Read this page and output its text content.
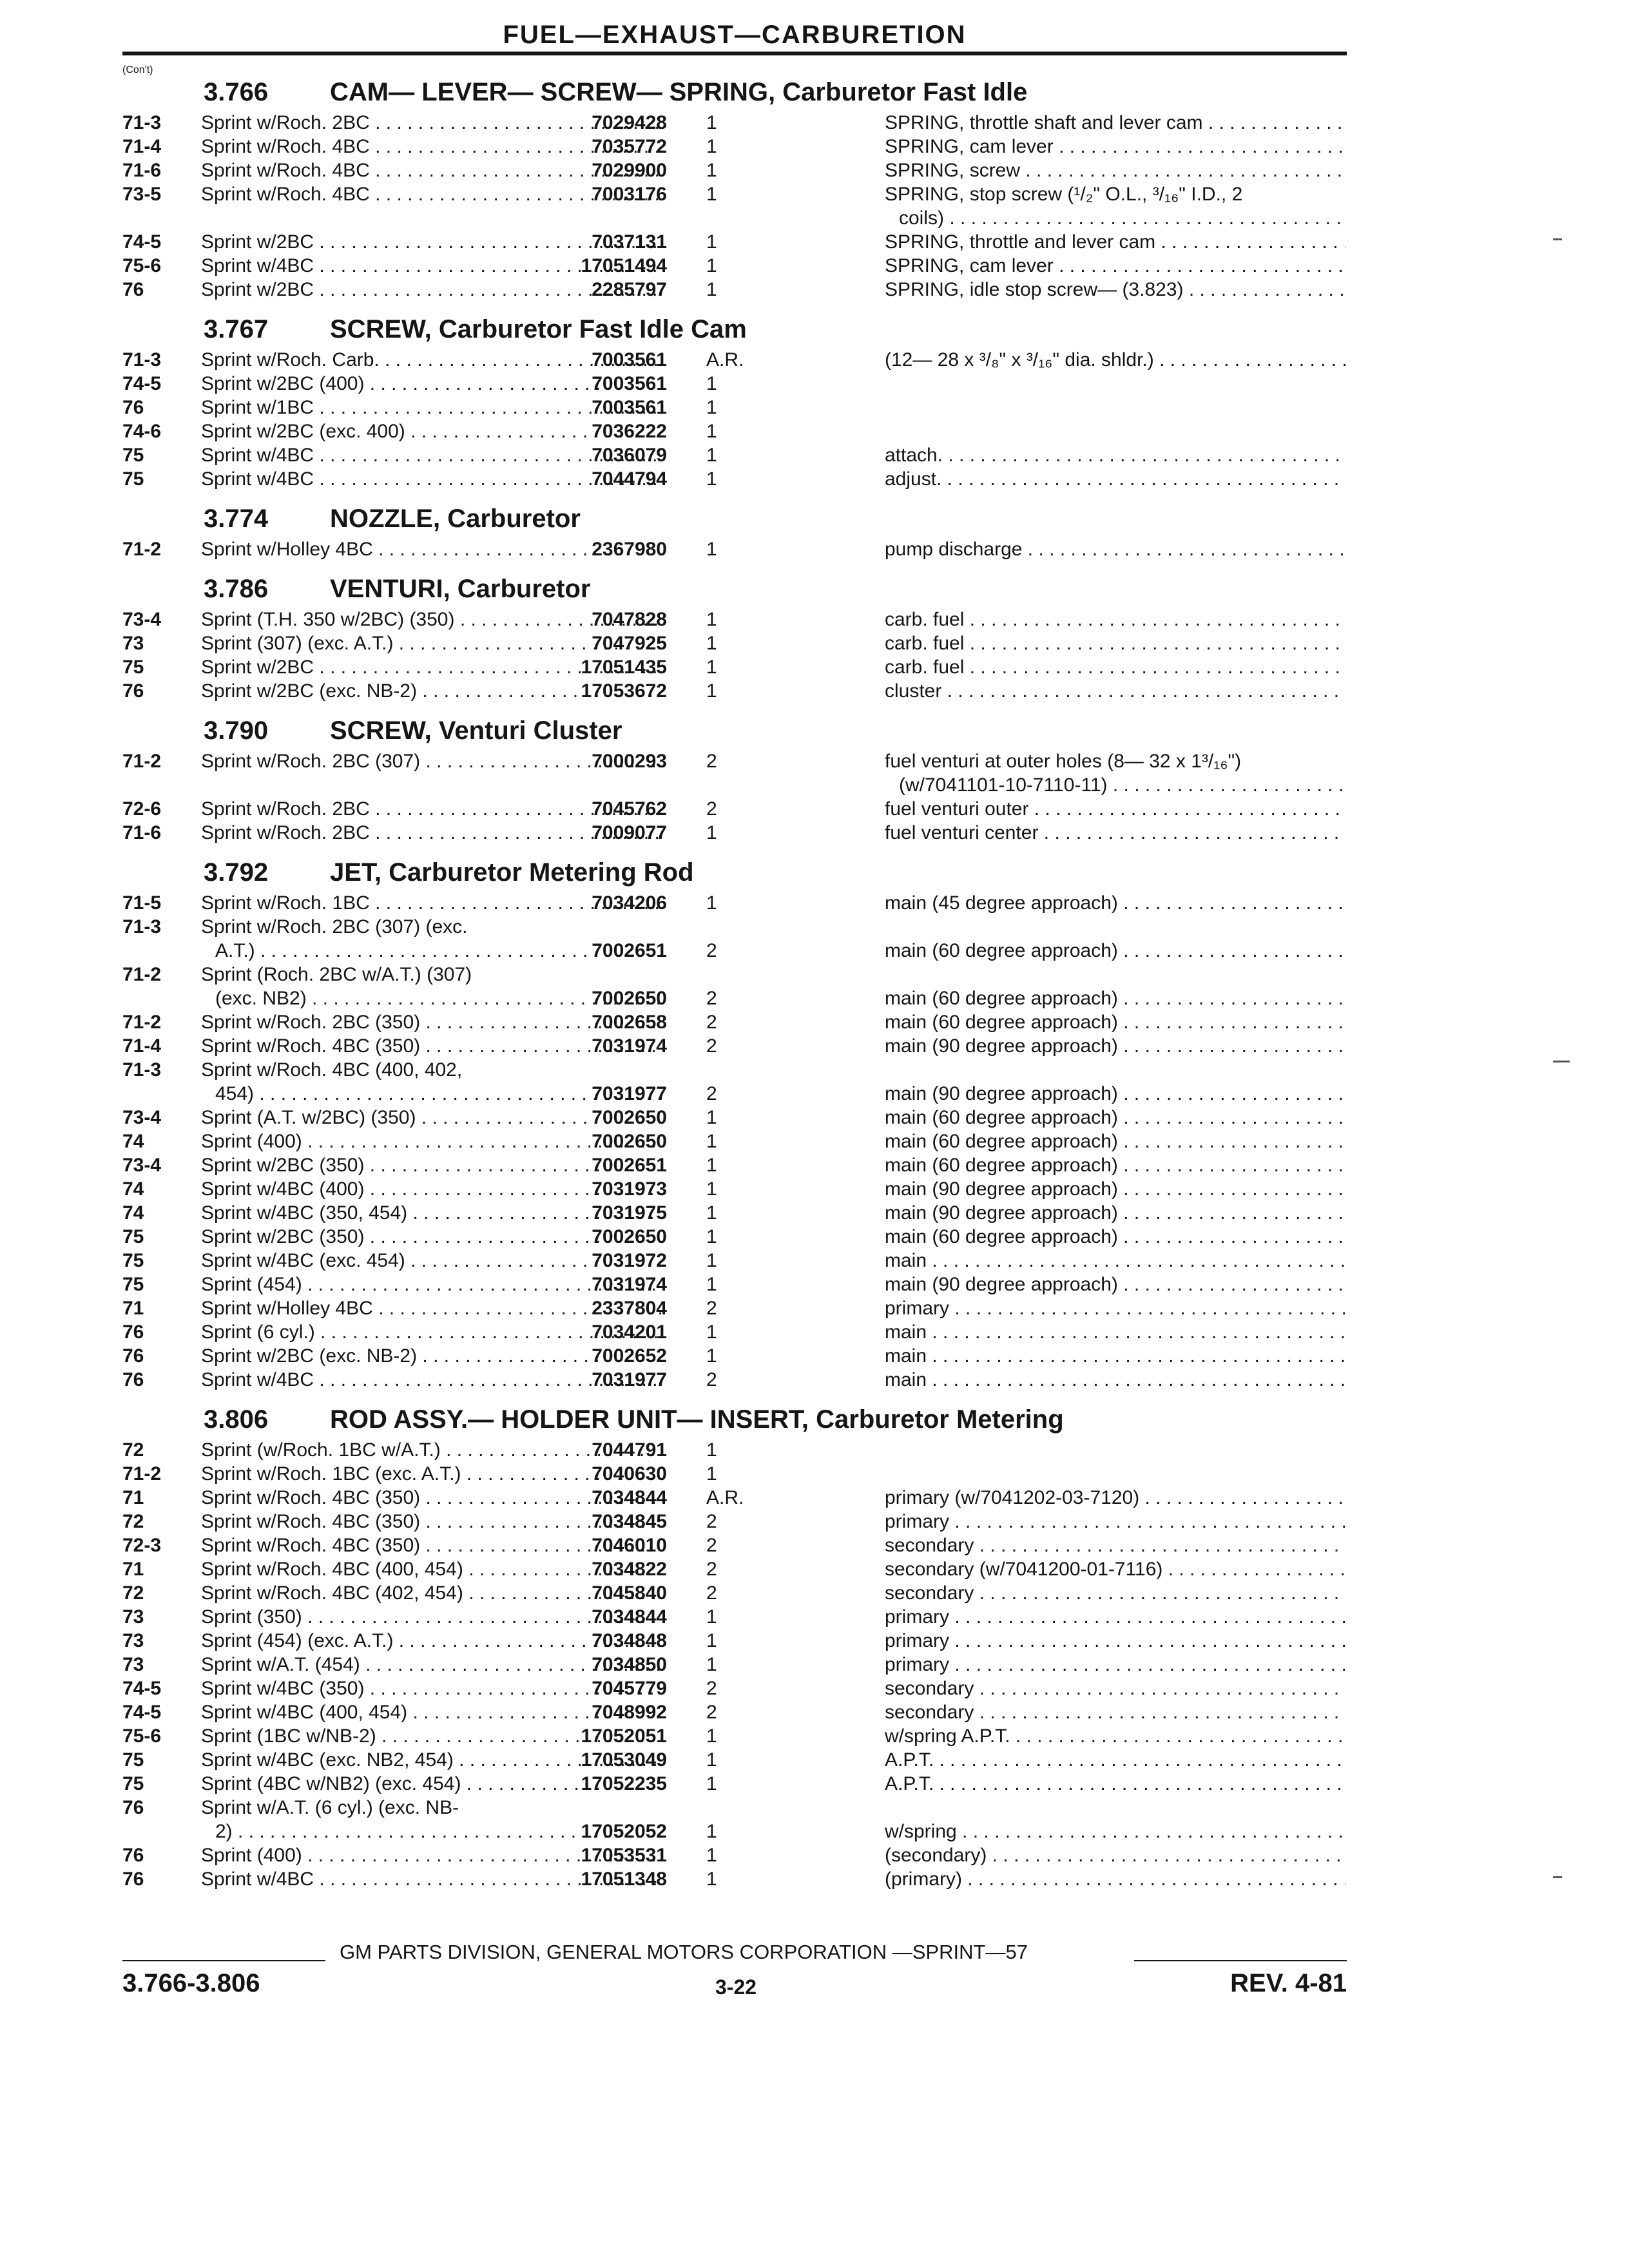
FUEL—EXHAUST—CARBURETION
3.766 CAM— LEVER— SCREW— SPRING, Carburetor Fast Idle
(Con't)
71-3 Sprint w/Roch. 2BC . . .	7029428 1	SPRING, throttle shaft and lever cam . . .
71-4 Sprint w/Roch. 4BC . . .	7035772 1	SPRING, cam lever . . .
71-6 Sprint w/Roch. 4BC . . .	7029900 1	SPRING, screw . . .
73-5 Sprint w/Roch. 4BC . . .	7003176 1	SPRING, stop screw (¹/₂" O.L., ³/₁₆" I.D., 2
coils) . . .
74-5 Sprint w/2BC . . .	7037131 1	SPRING, throttle and lever cam . . .
75-6 Sprint w/4BC . . .	17051494 1	SPRING, cam lever . . .
76	Sprint w/2BC . . .	2285797 1	SPRING, idle stop screw— (3.823) . . .
3.767 SCREW, Carburetor Fast Idle Cam
71-3 Sprint w/Roch. Carb. . . .	7003561 A.R.	(12— 28 x ³/₈" x ³/₁₆" dia. shldr.) . . .
74-5 Sprint w/2BC (400) . . .	7003561 1
76	Sprint w/1BC . . .	7003561 1
74-6 Sprint w/2BC (exc. 400) . . .	7036222 1
75	Sprint w/4BC . . .	7036079 1	attach. . . .
75	Sprint w/4BC . . .	7044794 1	adjust. . . .
3.774 NOZZLE, Carburetor
71-2 Sprint w/Holley 4BC . . .	2367980 1	pump discharge . . .
3.786 VENTURI, Carburetor
73-4 Sprint (T.H. 350 w/2BC) (350) . . .	7047828 1	carb. fuel . . .
73	Sprint (307) (exc. A.T.) . . .	7047925 1	carb. fuel . . .
75	Sprint w/2BC . . .	17051435 1	carb. fuel . . .
76	Sprint w/2BC (exc. NB-2) . . .	17053672 1	cluster . . .
3.790 SCREW, Venturi Cluster
71-2 Sprint w/Roch. 2BC (307) . . .	7000293 2	fuel venturi at outer holes (8— 32 x 1³/₁₆")
(w/7041101-10-7110-11) . . .
72-6 Sprint w/Roch. 2BC . . .	7045762 2	fuel venturi outer . . .
71-6 Sprint w/Roch. 2BC . . .	7009077 1	fuel venturi center . . .
3.792 JET, Carburetor Metering Rod
71-5 Sprint w/Roch. 1BC . . .	7034206 1	main (45 degree approach) . . .
71-3 Sprint w/Roch. 2BC (307) (exc.
A.T.) . . .	7002651 2	main (60 degree approach) . . .
71-2 Sprint (Roch. 2BC w/A.T.) (307)
(exc. NB2) . . .	7002650 2	main (60 degree approach) . . .
71-2 Sprint w/Roch. 2BC (350) . . .	7002658 2	main (60 degree approach) . . .
71-4 Sprint w/Roch. 4BC (350) . . .	7031974 2	main (90 degree approach) . . .
71-3 Sprint w/Roch. 4BC (400, 402,
454) . . .	7031977 2	main (90 degree approach) . . .
73-4 Sprint (A.T. w/2BC) (350) . . .	7002650 1	main (60 degree approach) . . .
74	Sprint (400) . . .	7002650 1	main (60 degree approach) . . .
73-4 Sprint w/2BC (350) . . .	7002651 1	main (60 degree approach) . . .
74	Sprint w/4BC (400) . . .	7031973 1	main (90 degree approach) . . .
74	Sprint w/4BC (350, 454) . . .	7031975 1	main (90 degree approach) . . .
75	Sprint w/2BC (350) . . .	7002650 1	main (60 degree approach) . . .
75	Sprint w/4BC (exc. 454) . . .	7031972 1	main . . .
75	Sprint (454) . . .	7031974 1	main (90 degree approach) . . .
71	Sprint w/Holley 4BC . . .	2337804 2	primary . . .
76	Sprint (6 cyl.) . . .	7034201 1	main . . .
76	Sprint w/2BC (exc. NB-2) . . .	7002652 1	main . . .
76	Sprint w/4BC . . .	7031977 2	main . . .
3.806 ROD ASSY.— HOLDER UNIT— INSERT, Carburetor Metering
72	Sprint (w/Roch. 1BC w/A.T.) . . .	7044791 1
71-2 Sprint w/Roch. 1BC (exc. A.T.) . . .	7040630 1
71	Sprint w/Roch. 4BC (350) . . .	7034844 A.R.	primary (w/7041202-03-7120) . . .
72	Sprint w/Roch. 4BC (350) . . .	7034845 2	primary . . .
72-3 Sprint w/Roch. 4BC (350) . . .	7046010 2	secondary . . .
71	Sprint w/Roch. 4BC (400, 454) . . .	7034822 2	secondary (w/7041200-01-7116) . . .
72	Sprint w/Roch. 4BC (402, 454) . . .	7045840 2	secondary . . .
73	Sprint (350) . . .	7034844 1	primary . . .
73	Sprint (454) (exc. A.T.) . . .	7034848 1	primary . . .
73	Sprint w/A.T. (454) . . .	7034850 1	primary . . .
74-5 Sprint w/4BC (350) . . .	7045779 2	secondary . . .
74-5 Sprint w/4BC (400, 454) . . .	7048992 2	secondary . . .
75-6 Sprint (1BC w/NB-2) . . .	17052051 1	w/spring A.P.T. . . .
75	Sprint w/4BC (exc. NB2, 454) . . .	17053049 1	A.P.T. . . .
75	Sprint (4BC w/NB2) (exc. 454) . . .	17052235 1	A.P.T. . . .
76	Sprint w/A.T. (6 cyl.) (exc. NB-
2) . . .	17052052 1	w/spring . . .
76	Sprint (400) . . .	17053531 1	(secondary) . . .
76	Sprint w/4BC . . .	17051348 1	(primary) . . .
GM PARTS DIVISION, GENERAL MOTORS CORPORATION —SPRINT—57
3.766-3.806	3-22	REV. 4-81
